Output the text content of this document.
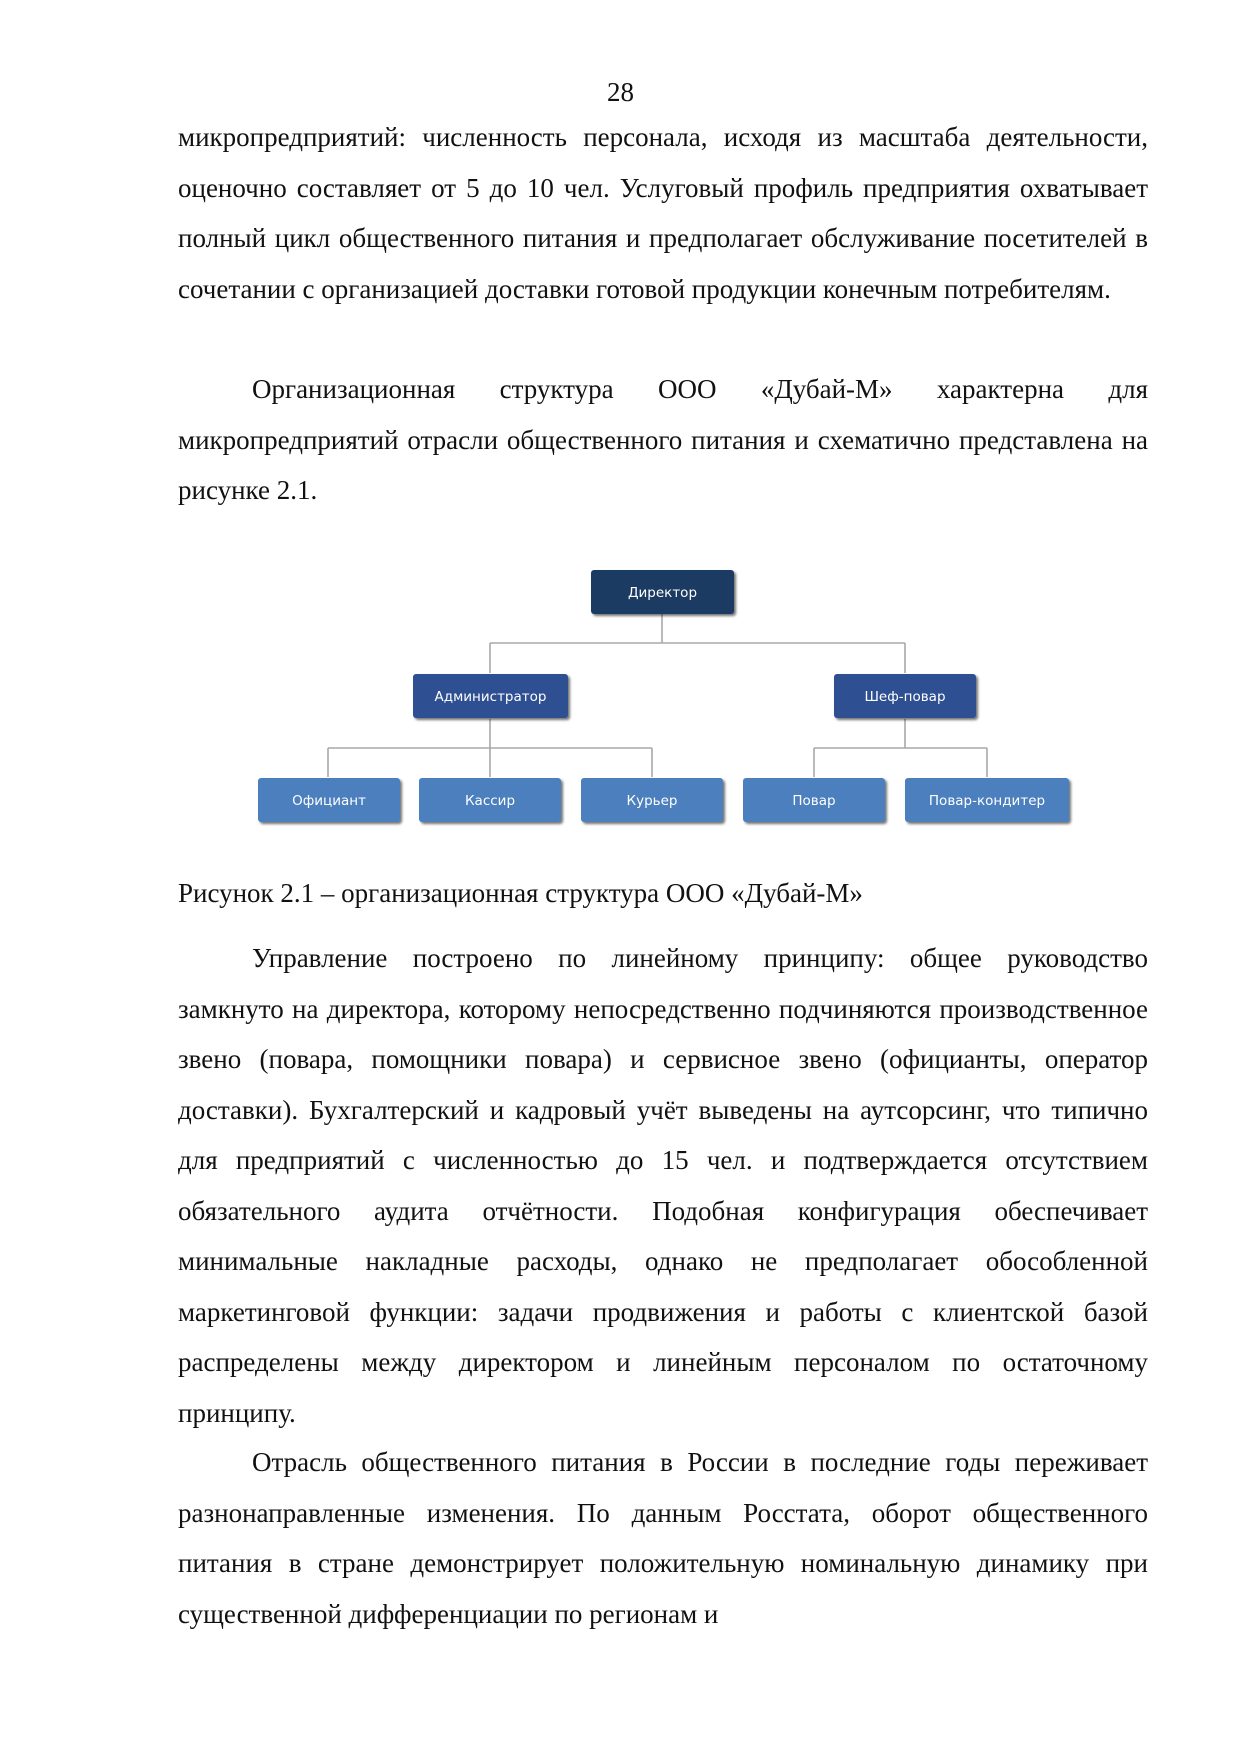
28

микропредприятий: численность персонала, исходя из масштаба деятельности, оценочно составляет от 5 до 10 чел. Услуговый профиль предприятия охватывает полный цикл общественного питания и предполагает обслуживание посетителей в сочетании с организацией доставки готовой продукции конечным потребителям.

Организационная структура ООО «Дубай-М» характерна для микропредприятий отрасли общественного питания и схематично представлена на рисунке 2.1.

Директор
Администратор	Шеф-повар
Официант	Кассир	Курьер	Повар	Повар-кондитер

Рисунок 2.1 – организационная структура ООО «Дубай-М»

Управление построено по линейному принципу: общее руководство замкнуто на директора, которому непосредственно подчиняются производственное звено (повара, помощники повара) и сервисное звено (официанты, оператор доставки). Бухгалтерский и кадровый учёт выведены на аутсорсинг, что типично для предприятий с численностью до 15 чел. и подтверждается отсутствием обязательного аудита отчётности. Подобная конфигурация обеспечивает минимальные накладные расходы, однако не предполагает обособленной маркетинговой функции: задачи продвижения и работы с клиентской базой распределены между директором и линейным персоналом по остаточному принципу.

Отрасль общественного питания в России в последние годы переживает разнонаправленные изменения. По данным Росстата, оборот общественного питания в стране демонстрирует положительную номинальную динамику при существенной дифференциации по регионам и
